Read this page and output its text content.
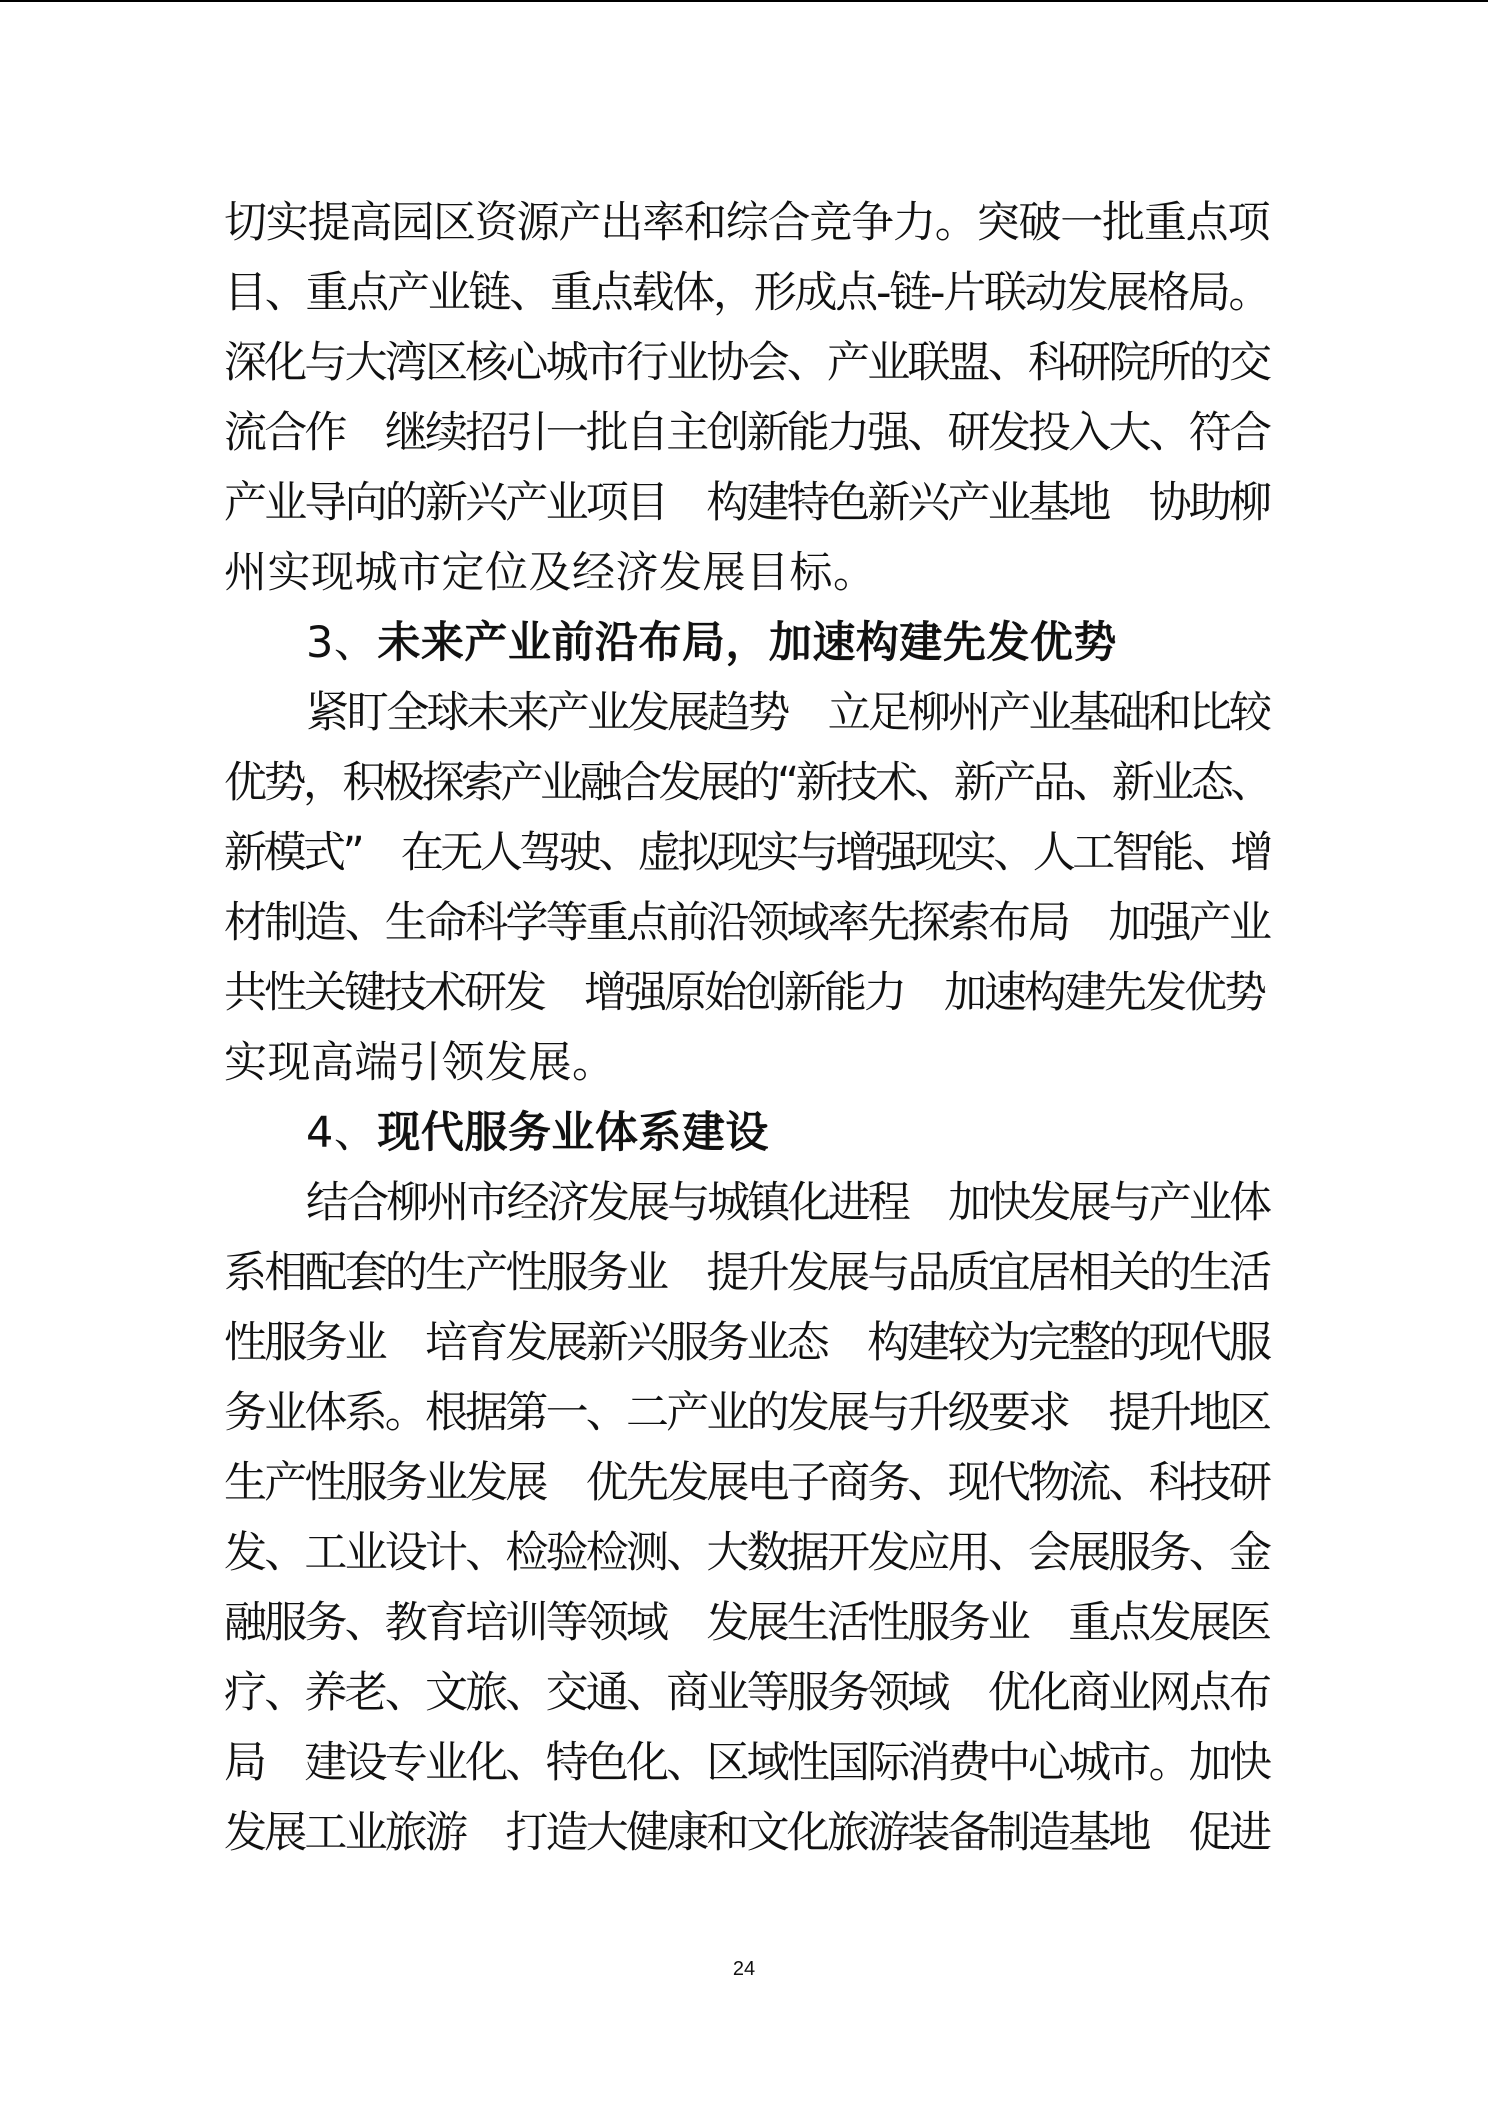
切实提高园区资源产出率和综合竞争力。突破一批重点项
目、重点产业链、重点载体，形成点-链-片联动发展格局。
深化与大湾区核心城市行业协会、产业联盟、科研院所的交
流合作　继续招引一批自主创新能力强、研发投入大、符合
产业导向的新兴产业项目　构建特色新兴产业基地　协助柳
州实现城市定位及经济发展目标。
3、未来产业前沿布局，加速构建先发优势
紧盯全球未来产业发展趋势　立足柳州产业基础和比较
优势，积极探索产业融合发展的“新技术、新产品、新业态、
新模式”　在无人驾驶、虚拟现实与增强现实、人工智能、增
材制造、生命科学等重点前沿领域率先探索布局　加强产业
共性关键技术研发　增强原始创新能力　加速构建先发优势
实现高端引领发展。
4、现代服务业体系建设
结合柳州市经济发展与城镇化进程　加快发展与产业体
系相配套的生产性服务业　提升发展与品质宜居相关的生活
性服务业　培育发展新兴服务业态　构建较为完整的现代服
务业体系。根据第一、二产业的发展与升级要求　提升地区
生产性服务业发展　优先发展电子商务、现代物流、科技研
发、工业设计、检验检测、大数据开发应用、会展服务、金
融服务、教育培训等领域　发展生活性服务业　重点发展医
疗、养老、文旅、交通、商业等服务领域　优化商业网点布
局　建设专业化、特色化、区域性国际消费中心城市。加快
发展工业旅游　打造大健康和文化旅游装备制造基地　促进
24
